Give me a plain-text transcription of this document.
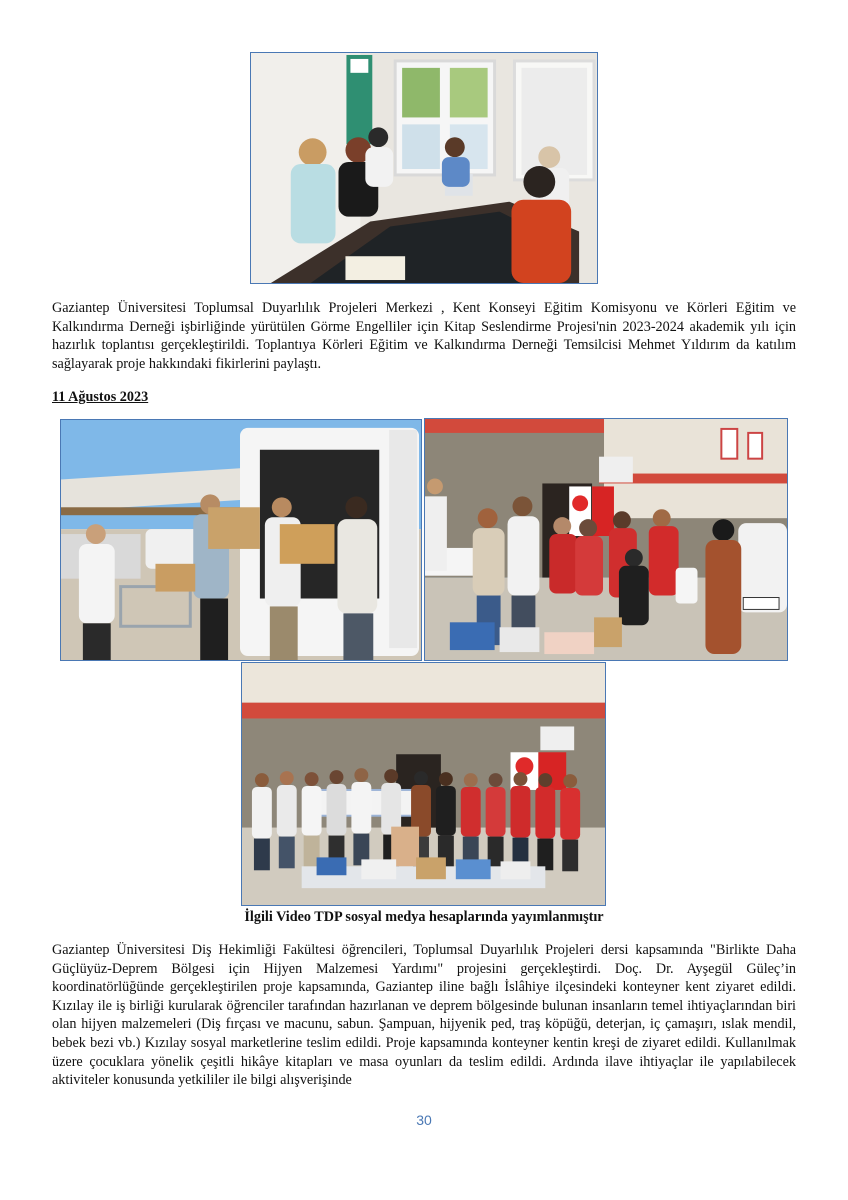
Gaziantep Üniversitesi Toplumsal Duyarlılık Projeleri Merkezi , Kent Konseyi Eğitim Komisyonu ve Körleri Eğitim ve Kalkındırma Derneği işbirliğinde yürütülen Görme Engelliler için Kitap Seslendirme Projesi'nin 2023-2024 akademik yılı için hazırlık toplantısı gerçekleştirildi. Toplantıya Körleri Eğitim ve Kalkındırma Derneği Temsilcisi Mehmet Yıldırım da katılım sağlayarak proje hakkındaki fikirlerini paylaştı.

11 Ağustos 2023

İlgili Video TDP sosyal medya hesaplarında yayımlanmıştır

Gaziantep Üniversitesi Diş Hekimliği Fakültesi öğrencileri, Toplumsal Duyarlılık Projeleri dersi kapsamında "Birlikte Daha Güçlüyüz-Deprem Bölgesi için Hijyen Malzemesi Yardımı" projesini gerçekleştirdi. Doç. Dr. Ayşegül Güleç’in koordinatörlüğünde gerçekleştirilen proje kapsamında, Gaziantep iline bağlı İslâhiye ilçesindeki konteyner kent ziyaret edildi. Kızılay ile iş birliği kurularak öğrenciler tarafından hazırlanan ve deprem bölgesinde bulunan insanların temel ihtiyaçlarından biri olan hijyen malzemeleri (Diş fırçası ve macunu, sabun. Şampuan, hijyenik ped, traş köpüğü, deterjan, iç çamaşırı, ıslak mendil, bebek bezi vb.) Kızılay sosyal marketlerine teslim edildi. Proje kapsamında konteyner kentin kreşi de ziyaret edildi. Kullanılmak üzere çocuklara yönelik çeşitli hikâye kitapları ve masa oyunları da teslim edildi. Ardında ilave ihtiyaçlar ile yapılabilecek aktiviteler konusunda yetkililer ile bilgi alışverişinde

30
